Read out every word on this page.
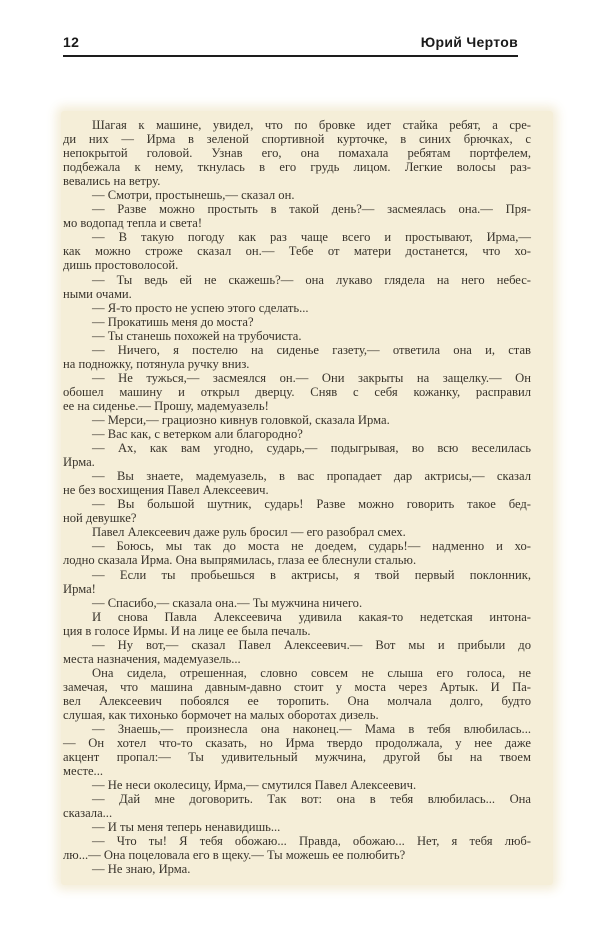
12	Юрий Чертов
Шагая к машине, увидел, что по бровке идет стайка ребят, а сре-
ди них — Ирма в зеленой спортивной курточке, в синих брючках, с
непокрытой головой. Узнав его, она помахала ребятам портфелем,
подбежала к нему, ткнулась в его грудь лицом. Легкие волосы раз-
вевались на ветру.
— Смотри, простынешь,— сказал он.
— Разве можно простыть в такой день?— засмеялась она.— Пря-
мо водопад тепла и света!
— В такую погоду как раз чаще всего и простывают, Ирма,—
как можно строже сказал он.— Тебе от матери достанется, что хо-
дишь простоволосой.
— Ты ведь ей не скажешь?— она лукаво глядела на него небес-
ными очами.
— Я-то просто не успею этого сделать...
— Прокатишь меня до моста?
— Ты станешь похожей на трубочиста.
— Ничего, я постелю на сиденье газету,— ответила она и, став
на подножку, потянула ручку вниз.
— Не тужься,— засмеялся он.— Они закрыты на защелку.— Он
обошел машину и открыл дверцу. Сняв с себя кожанку, расправил
ее на сиденье.— Прошу, мадемуазель!
— Мерси,— грациозно кивнув головкой, сказала Ирма.
— Вас как, с ветерком али благородно?
— Ах, как вам угодно, сударь,— подыгрывая, во всю веселилась
Ирма.
— Вы знаете, мадемуазель, в вас пропадает дар актрисы,— сказал
не без восхищения Павел Алексеевич.
— Вы большой шутник, сударь! Разве можно говорить такое бед-
ной девушке?
Павел Алексеевич даже руль бросил — его разобрал смех.
— Боюсь, мы так до моста не доедем, сударь!— надменно и хо-
лодно сказала Ирма. Она выпрямилась, глаза ее блеснули сталью.
— Если ты пробьешься в актрисы, я твой первый поклонник,
Ирма!
— Спасибо,— сказала она.— Ты мужчина ничего.
И снова Павла Алексеевича удивила какая-то недетская интона-
ция в голосе Ирмы. И на лице ее была печаль.
— Ну вот,— сказал Павел Алексеевич.— Вот мы и прибыли до
места назначения, мадемуазель...
Она сидела, отрешенная, словно совсем не слыша его голоса, не
замечая, что машина давным-давно стоит у моста через Артык. И Па-
вел Алексеевич побоялся ее торопить. Она молчала долго, будто
слушая, как тихонько бормочет на малых оборотах дизель.
— Знаешь,— произнесла она наконец.— Мама в тебя влюбилась...
— Он хотел что-то сказать, но Ирма твердо продолжала, у нее даже
акцент пропал:— Ты удивительный мужчина, другой бы на твоем
месте...
— Не неси околесицу, Ирма,— смутился Павел Алексеевич.
— Дай мне договорить. Так вот: она в тебя влюбилась... Она
сказала...
— И ты меня теперь ненавидишь...
— Что ты! Я тебя обожаю... Правда, обожаю... Нет, я тебя люб-
лю...— Она поцеловала его в щеку.— Ты можешь ее полюбить?
— Не знаю, Ирма.
